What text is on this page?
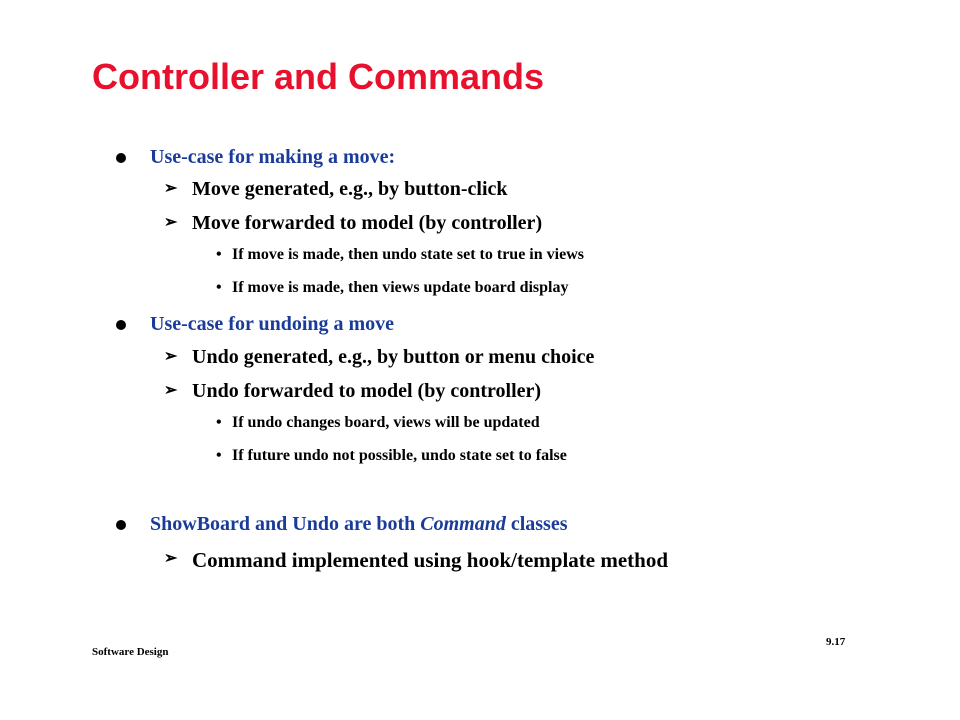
Controller and Commands
Use-case for making a move:
➢ Move generated, e.g., by button-click
➢ Move forwarded to model (by controller)
• If move is made, then undo state set to true in views
• If move is made, then views update board display
Use-case for undoing a move
➢ Undo generated, e.g., by button or menu choice
➢ Undo forwarded to model (by controller)
• If undo changes board, views will be updated
• If future undo not possible, undo state set to false
ShowBoard and Undo are both Command classes
➢ Command implemented using hook/template method
Software Design
9.17
